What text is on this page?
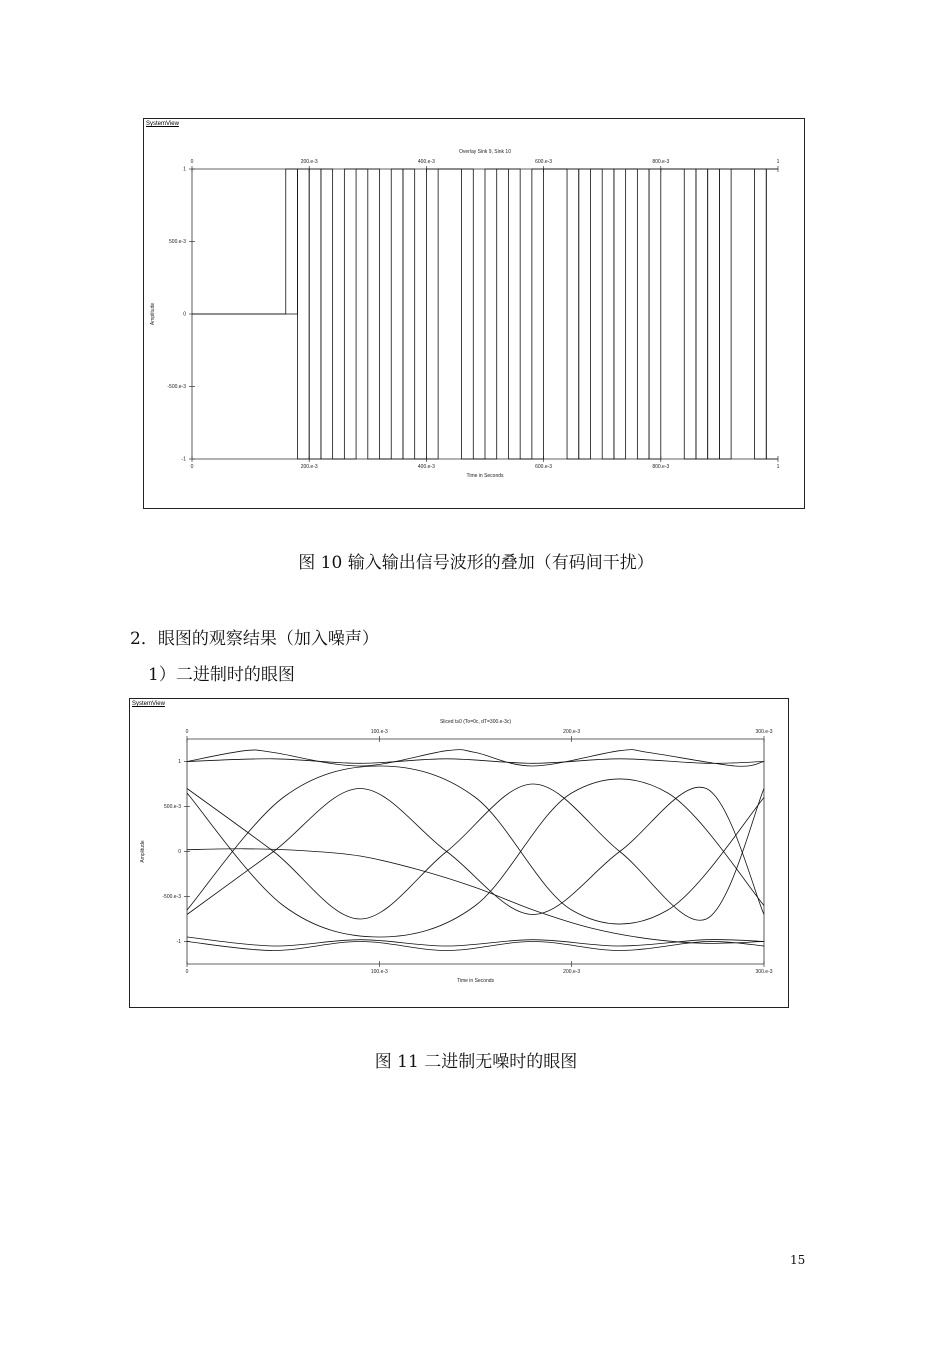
SystemView
Overlay Sink 9, Sink 10
0
0
200.e-3
200.e-3
400.e-3
400.e-3
600.e-3
600.e-3
800.e-3
800.e-3
1
1
1
500.e-3
0
-500.e-3
-1
Time in Seconds
Amplitude
图 10 输入输出信号波形的叠加（有码间干扰）
2．眼图的观察结果（加入噪声）
1）二进制时的眼图
SystemView
Sliced t≥0 (To=0c, dT=300.e-3c)
0
0
100.e-3
100.e-3
200.e-3
200.e-3
300.e-3
300.e-3
1
500.e-3
0
-500.e-3
-1
Time in Seconds
Amplitude
图 11 二进制无噪时的眼图
15
